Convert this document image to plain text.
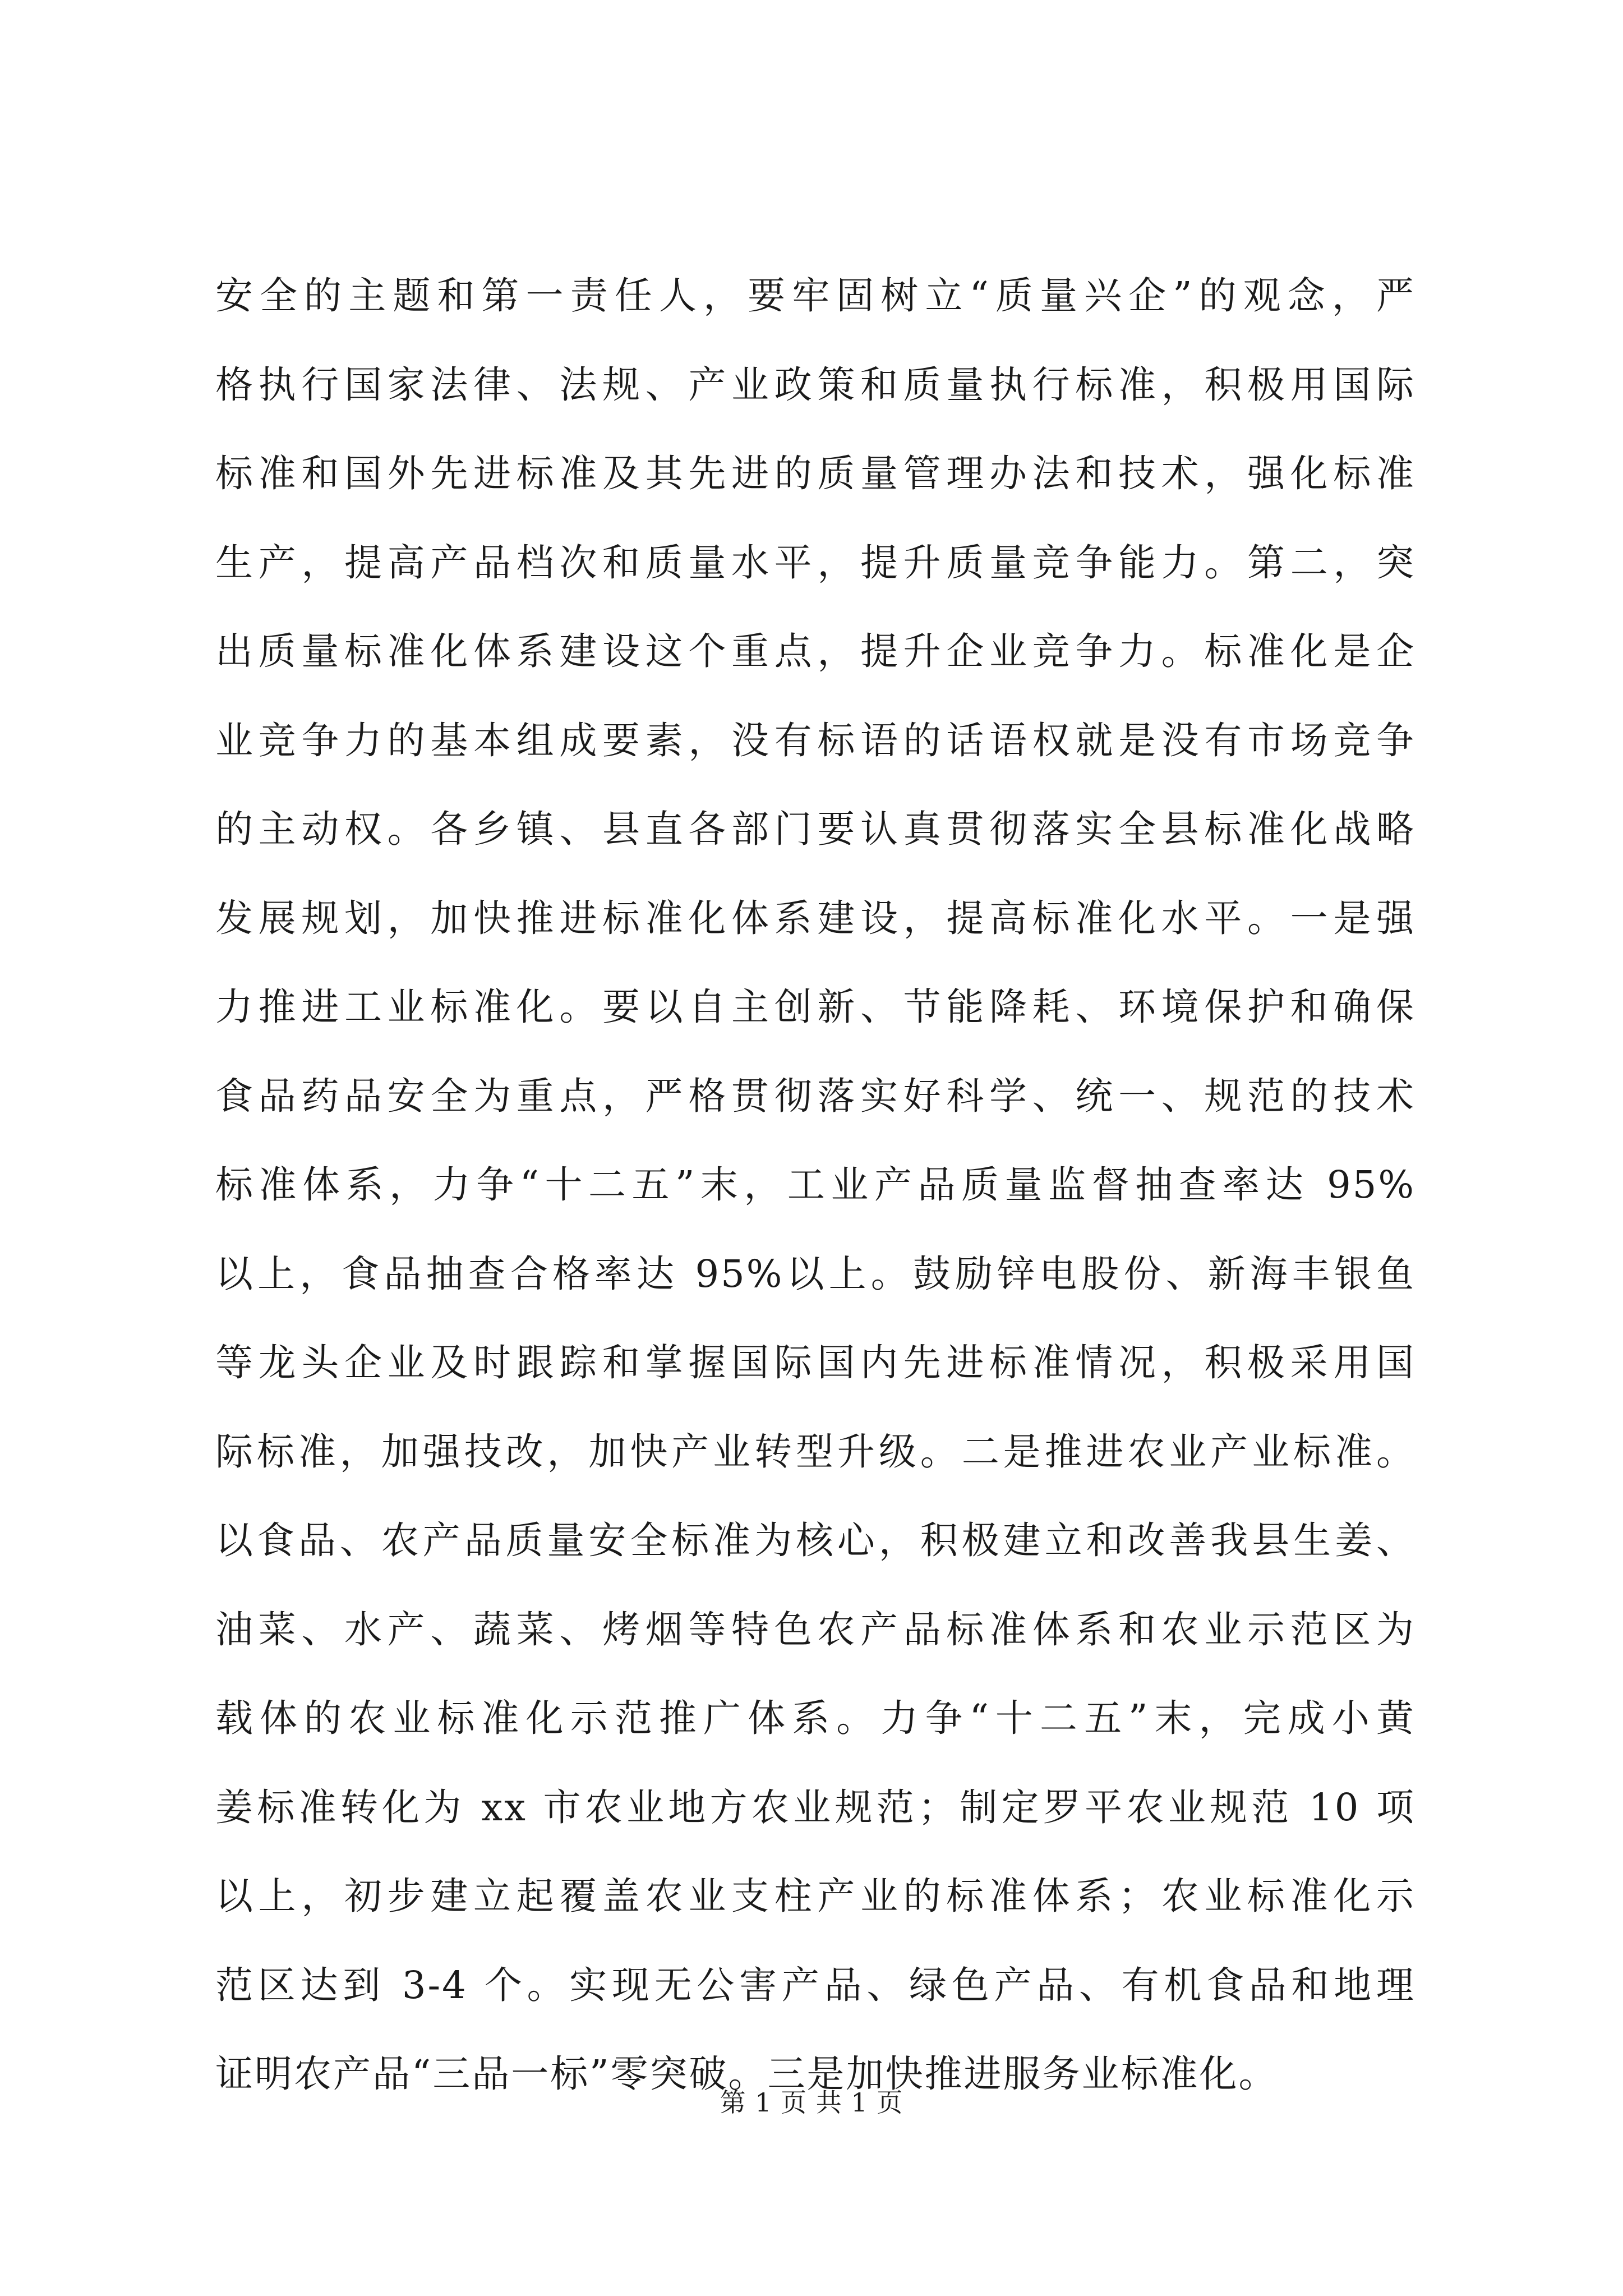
安全的主题和第一责任人，要牢固树立“质量兴企”的观念，严
格执行国家法律、法规、产业政策和质量执行标准，积极用国际
标准和国外先进标准及其先进的质量管理办法和技术，强化标准
生产，提高产品档次和质量水平，提升质量竞争能力。第二，突
出质量标准化体系建设这个重点，提升企业竞争力。标准化是企
业竞争力的基本组成要素，没有标语的话语权就是没有市场竞争
的主动权。各乡镇、县直各部门要认真贯彻落实全县标准化战略
发展规划，加快推进标准化体系建设，提高标准化水平。一是强
力推进工业标准化。要以自主创新、节能降耗、环境保护和确保
食品药品安全为重点，严格贯彻落实好科学、统一、规范的技术
标准体系，力争“十二五”末，工业产品质量监督抽查率达 95%
以上，食品抽查合格率达 95%以上。鼓励锌电股份、新海丰银鱼
等龙头企业及时跟踪和掌握国际国内先进标准情况，积极采用国
际标准，加强技改，加快产业转型升级。二是推进农业产业标准。
以食品、农产品质量安全标准为核心，积极建立和改善我县生姜、
油菜、水产、蔬菜、烤烟等特色农产品标准体系和农业示范区为
载体的农业标准化示范推广体系。力争“十二五”末，完成小黄
姜标准转化为 xx 市农业地方农业规范；制定罗平农业规范 10 项
以上，初步建立起覆盖农业支柱产业的标准体系；农业标准化示
范区达到 3-4 个。实现无公害产品、绿色产品、有机食品和地理
证明农产品“三品一标”零突破。三是加快推进服务业标准化。
第 1 页 共 1 页
